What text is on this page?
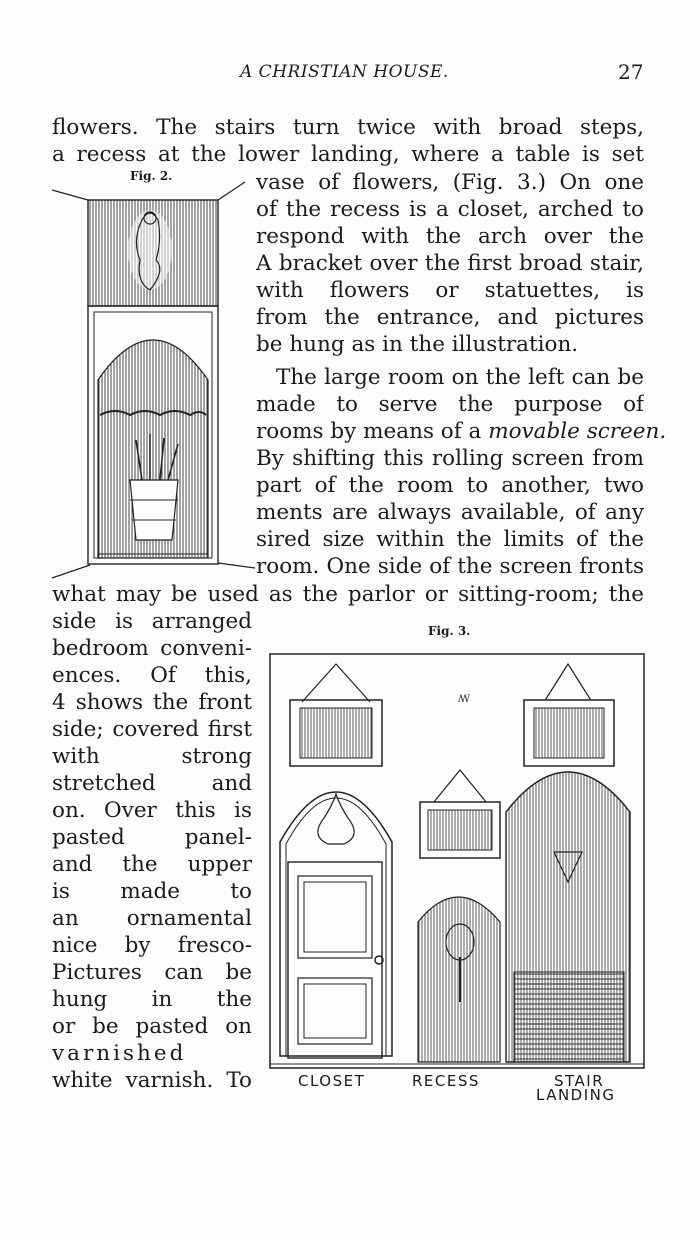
A CHRISTIAN HOUSE.	27
flowers. The stairs turn twice with broad steps,
a recess at the lower landing, where a table is set
Fig. 2.	vase of flowers, (Fig. 3.) On one
of the recess is a closet, arched to
respond with the arch over the
A bracket over the first broad stair,
with flowers or statuettes, is
from the entrance, and pictures
be hung as in the illustration.
The large room on the left can be
made to serve the purpose of
rooms by means of a movable screen.
By shifting this rolling screen from
part of the room to another, two
ments are always available, of any
sired size within the limits of the
room. One side of the screen fronts
what may be used as the parlor or sitting-room; the
side is arranged
bedroom conveni-
ences. Of this,
4 shows the front
side; covered first
with strong
stretched and
on. Over this is
pasted panel-
and the upper
is made to
an ornamental
nice by fresco-
Pictures can be
hung in the
or be pasted on
varnished
white varnish. To
Fig. 3.
ꟿ
CLOSET	RECESS	STAIR
LANDING
